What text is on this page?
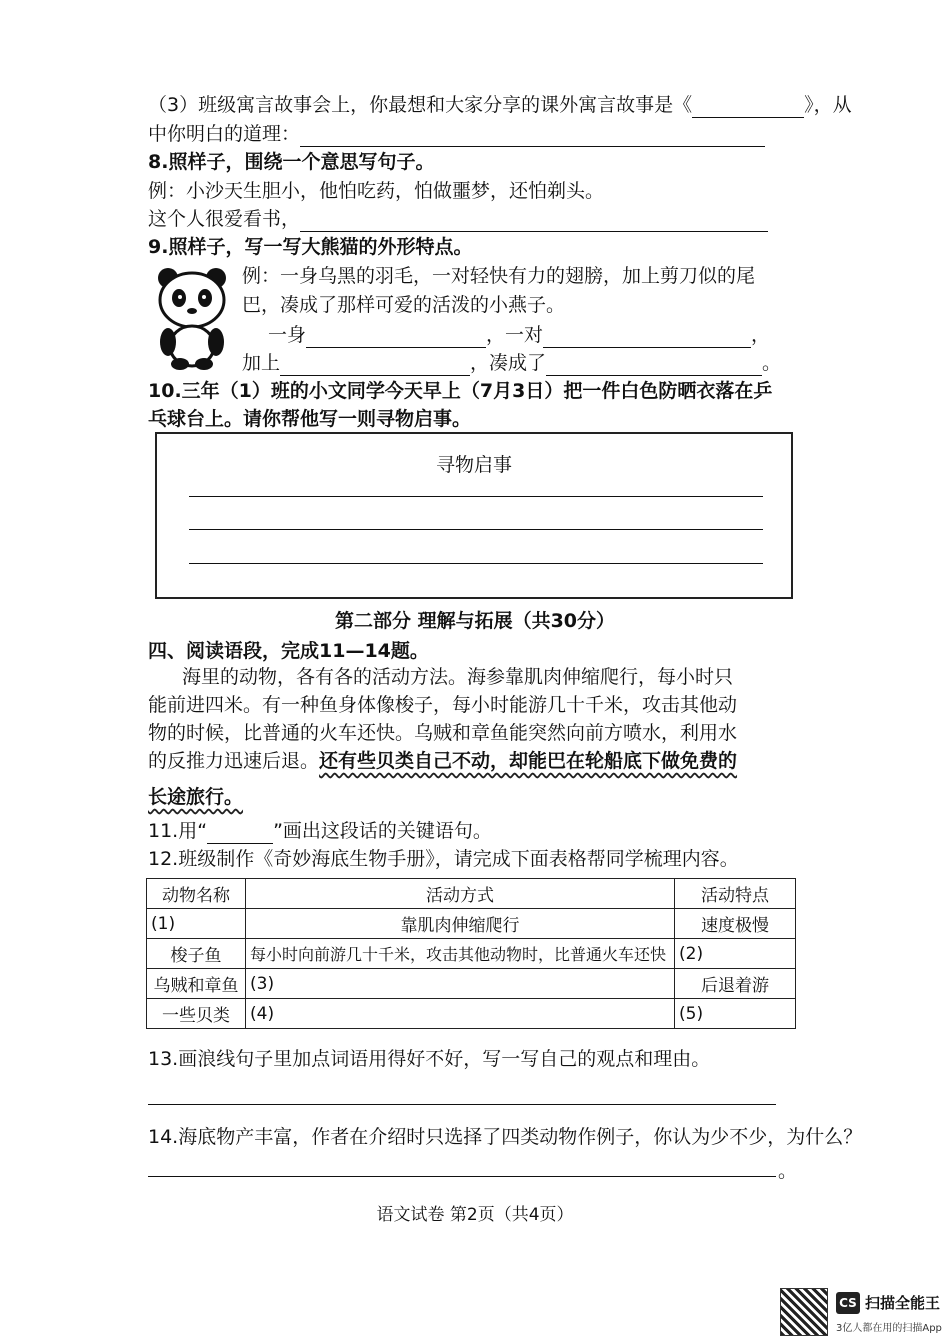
（3）班级寓言故事会上，你最想和大家分享的课外寓言故事是《	》，从
中你明白的道理：
8.照样子，围绕一个意思写句子。
例：小沙天生胆小，他怕吃药，怕做噩梦，还怕剃头。
这个人很爱看书，
9.照样子，写一写大熊猫的外形特点。
例：一身乌黑的羽毛，一对轻快有力的翅膀，加上剪刀似的尾
巴，凑成了那样可爱的活泼的小燕子。
一身	，一对	，
加上	，凑成了	。
10.三年（1）班的小文同学今天早上（7月3日）把一件白色防晒衣落在乒
乓球台上。请你帮他写一则寻物启事。
寻物启事
第二部分 理解与拓展（共30分）
四、阅读语段，完成11—14题。
海里的动物，各有各的活动方法。海参靠肌肉伸缩爬行，每小时只
能前进四米。有一种鱼身体像梭子，每小时能游几十千米，攻击其他动
物的时候，比普通的火车还快。乌贼和章鱼能突然向前方喷水，利用水
的反推力迅速后退。还有些贝类自己不动，却能巴在轮船底下做免费的
长途旅行。
11.用“	”画出这段话的关键语句。
12.班级制作《奇妙海底生物手册》，请完成下面表格帮同学梳理内容。
动物名称	活动方式	活动特点
(1)	靠肌肉伸缩爬行	速度极慢
梭子鱼	每小时向前游几十千米，攻击其他动物时，比普通火车还快	(2)
乌贼和章鱼	(3)	后退着游
一些贝类	(4)	(5)
13.画浪线句子里加点词语用得好不好，写一写自己的观点和理由。
14.海底物产丰富，作者在介绍时只选择了四类动物作例子，你认为少不少，为什么？
。
语文试卷 第2页（共4页）
CS 扫描全能王
3亿人都在用的扫描App
